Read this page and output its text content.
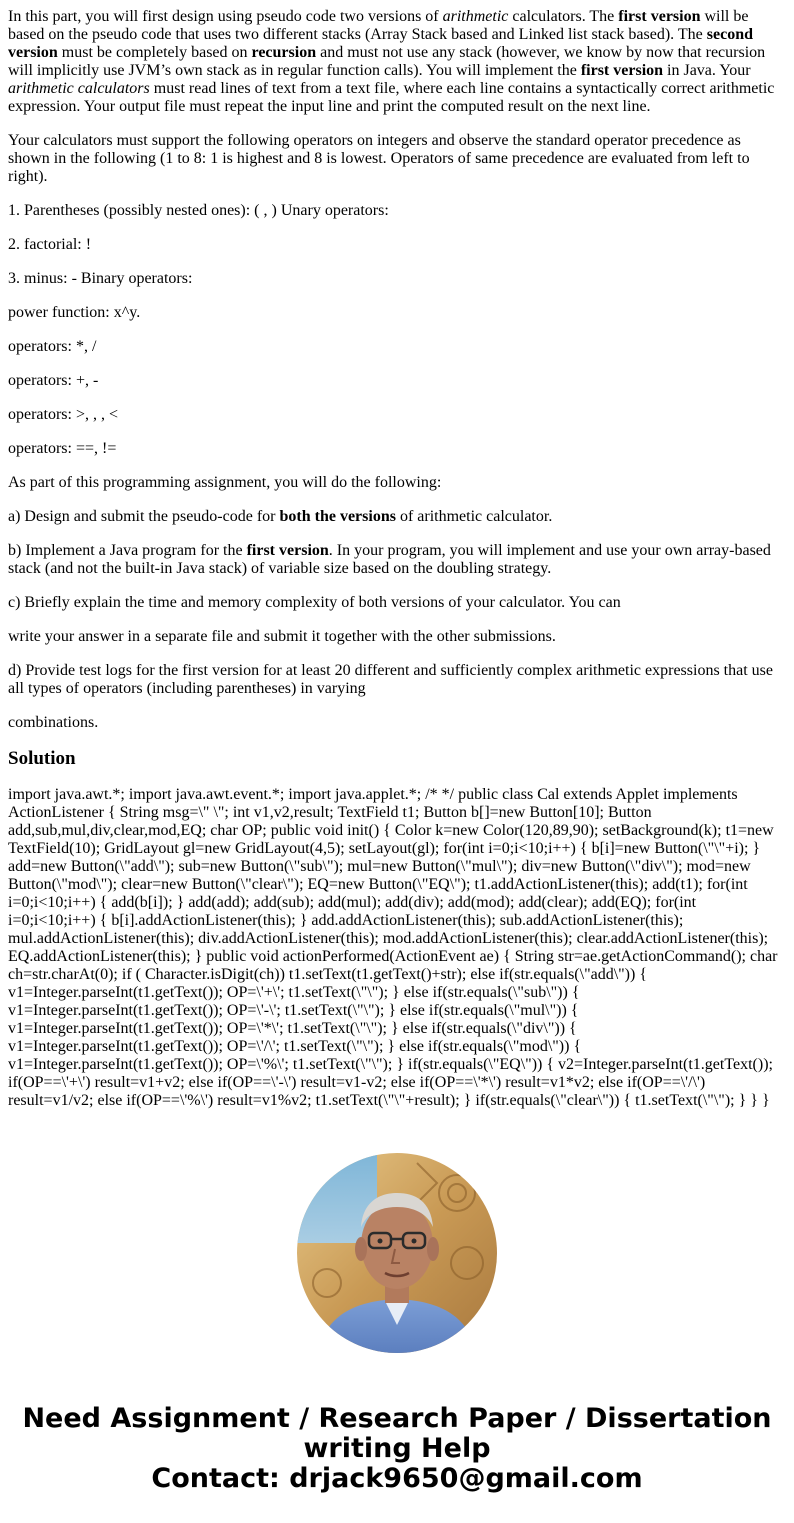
In this part, you will first design using pseudo code two versions of arithmetic calculators. The first version will be based on the pseudo code that uses two different stacks (Array Stack based and Linked list stack based). The second version must be completely based on recursion and must not use any stack (however, we know by now that recursion will implicitly use JVM’s own stack as in regular function calls). You will implement the first version in Java. Your arithmetic calculators must read lines of text from a text file, where each line contains a syntactically correct arithmetic expression. Your output file must repeat the input line and print the computed result on the next line.

Your calculators must support the following operators on integers and observe the standard operator precedence as shown in the following (1 to 8: 1 is highest and 8 is lowest. Operators of same precedence are evaluated from left to right).

1. Parentheses (possibly nested ones): ( , ) Unary operators:

2. factorial: !

3. minus: - Binary operators:

power function: x^y.

operators: *, /

operators: +, -

operators: >, , , <

operators: ==, !=

As part of this programming assignment, you will do the following:

a) Design and submit the pseudo-code for both the versions of arithmetic calculator.

b) Implement a Java program for the first version. In your program, you will implement and use your own array-based stack (and not the built-in Java stack) of variable size based on the doubling strategy.

c) Briefly explain the time and memory complexity of both versions of your calculator. You can

write your answer in a separate file and submit it together with the other submissions.

d) Provide test logs for the first version for at least 20 different and sufficiently complex arithmetic expressions that use all types of operators (including parentheses) in varying

combinations.

Solution

import java.awt.*; import java.awt.event.*; import java.applet.*; /* */ public class Cal extends Applet implements ActionListener { String msg=\" \"; int v1,v2,result; TextField t1; Button b[]=new Button[10]; Button add,sub,mul,div,clear,mod,EQ; char OP; public void init() { Color k=new Color(120,89,90); setBackground(k); t1=new TextField(10); GridLayout gl=new GridLayout(4,5); setLayout(gl); for(int i=0;i<10;i++) { b[i]=new Button(\"\"+i); } add=new Button(\"add\"); sub=new Button(\"sub\"); mul=new Button(\"mul\"); div=new Button(\"div\"); mod=new Button(\"mod\"); clear=new Button(\"clear\"); EQ=new Button(\"EQ\"); t1.addActionListener(this); add(t1); for(int i=0;i<10;i++) { add(b[i]); } add(add); add(sub); add(mul); add(div); add(mod); add(clear); add(EQ); for(int i=0;i<10;i++) { b[i].addActionListener(this); } add.addActionListener(this); sub.addActionListener(this); mul.addActionListener(this); div.addActionListener(this); mod.addActionListener(this); clear.addActionListener(this); EQ.addActionListener(this); } public void actionPerformed(ActionEvent ae) { String str=ae.getActionCommand(); char ch=str.charAt(0); if ( Character.isDigit(ch)) t1.setText(t1.getText()+str); else if(str.equals(\"add\")) { v1=Integer.parseInt(t1.getText()); OP=\'+\'; t1.setText(\"\"); } else if(str.equals(\"sub\")) { v1=Integer.parseInt(t1.getText()); OP=\'-\'; t1.setText(\"\"); } else if(str.equals(\"mul\")) { v1=Integer.parseInt(t1.getText()); OP=\'*\'; t1.setText(\"\"); } else if(str.equals(\"div\")) { v1=Integer.parseInt(t1.getText()); OP=\'/\'; t1.setText(\"\"); } else if(str.equals(\"mod\")) { v1=Integer.parseInt(t1.getText()); OP=\'%\'; t1.setText(\"\"); } if(str.equals(\"EQ\")) { v2=Integer.parseInt(t1.getText()); if(OP==\'+\') result=v1+v2; else if(OP==\'-\') result=v1-v2; else if(OP==\'*\') result=v1*v2; else if(OP==\'/\') result=v1/v2; else if(OP==\'%\') result=v1%v2; t1.setText(\"\"+result); } if(str.equals(\"clear\")) { t1.setText(\"\"); } } }

Need Assignment / Research Paper / Dissertation
writing Help
Contact: drjack9650@gmail.com
